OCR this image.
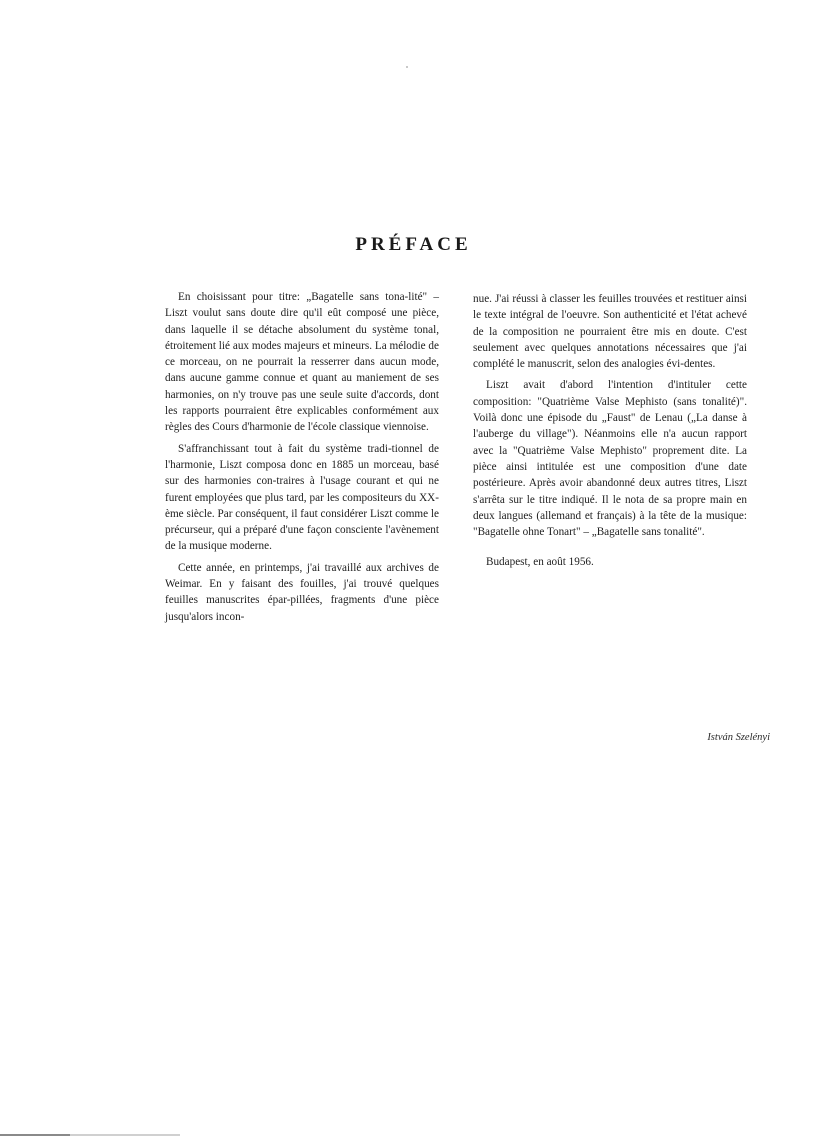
PRÉFACE

En choisissant pour titre: „Bagatelle sans tona-lité" – Liszt voulut sans doute dire qu'il eût composé une pièce, dans laquelle il se détache absolument du système tonal, étroitement lié aux modes majeurs et mineurs. La mélodie de ce morceau, on ne pourrait la resserrer dans aucun mode, dans aucune gamme connue et quant au maniement de ses harmonies, on n'y trouve pas une seule suite d'accords, dont les rapports pourraient être explicables conformément aux règles des Cours d'harmonie de l'école classique viennoise.

S'affranchissant tout à fait du système tradi-tionnel de l'harmonie, Liszt composa donc en 1885 un morceau, basé sur des harmonies con-traires à l'usage courant et qui ne furent employées que plus tard, par les compositeurs du XX-ème siècle. Par conséquent, il faut considérer Liszt comme le précurseur, qui a préparé d'une façon consciente l'avènement de la musique moderne.

Cette année, en printemps, j'ai travaillé aux archives de Weimar. En y faisant des fouilles, j'ai trouvé quelques feuilles manuscrites épar-pillées, fragments d'une pièce jusqu'alors incon-

nue. J'ai réussi à classer les feuilles trouvées et restituer ainsi le texte intégral de l'oeuvre. Son authenticité et l'état achevé de la composition ne pourraient être mis en doute. C'est seulement avec quelques annotations nécessaires que j'ai complété le manuscrit, selon des analogies évi-dentes.

Liszt avait d'abord l'intention d'intituler cette composition: "Quatrième Valse Mephisto (sans tonalité)". Voilà donc une épisode du „Faust" de Lenau („La danse à l'auberge du village"). Néanmoins elle n'a aucun rapport avec la "Quatrième Valse Mephisto" proprement dite. La pièce ainsi intitulée est une composition d'une date postérieure. Après avoir abandonné deux autres titres, Liszt s'arrêta sur le titre indiqué. Il le nota de sa propre main en deux langues (allemand et français) à la tête de la musique: "Bagatelle ohne Tonart" – „Bagatelle sans tonalité".

Budapest, en août 1956.

István Szelényi
